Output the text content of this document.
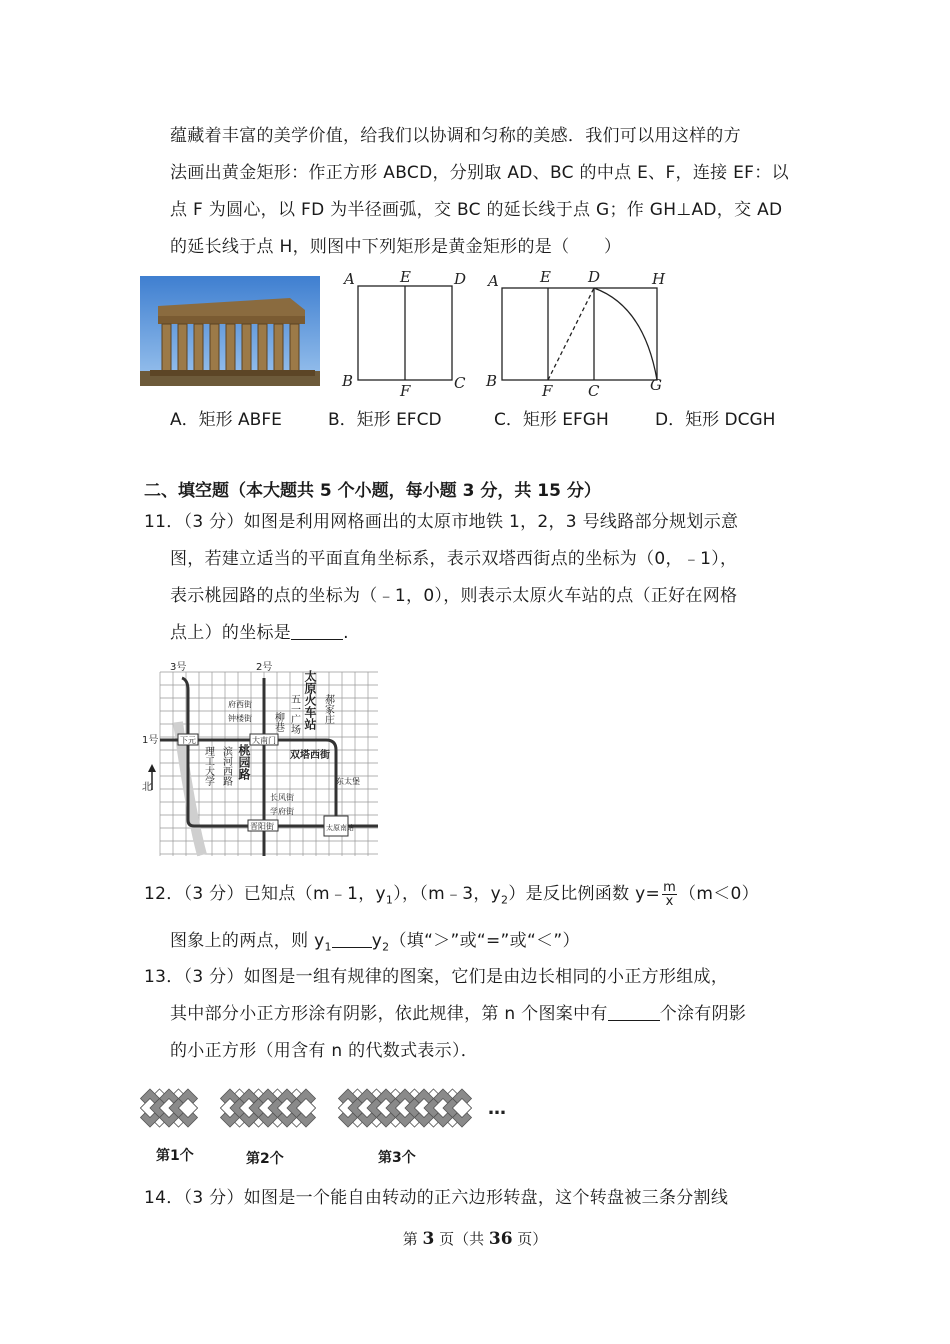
蕴藏着丰富的美学价值，给我们以协调和匀称的美感．我们可以用这样的方
法画出黄金矩形：作正方形 ABCD，分别取 AD、BC 的中点 E、F，连接 EF：以
点 F 为圆心，以 FD 为半径画弧，交 BC 的延长线于点 G；作 GH⊥AD，交 AD
的延长线于点 H，则图中下列矩形是黄金矩形的是（　　）
A	E	D
B
F	C
A	E D	H
B
F C	G
A．矩形 ABFE	B．矩形 EFCD	C．矩形 EFGH	D．矩形 DCGH
二、填空题（本大题共 5 个小题，每小题 3 分，共 15 分）
11．（3 分）如图是利用网格画出的太原市地铁 1，2，3 号线路部分规划示意
图，若建立适当的平面直角坐标系，表示双塔西街点的坐标为（0，﹣1），
表示桃园路的点的坐标为（﹣1，0），则表示太原火车站的点（正好在网格
点上）的坐标是	.
3号	2号
1号
北
下元	大南门
府西街
钟楼街
长风街
学府街
晋阳街
东太堡
太原南站
双塔西街
理工大学 滨河西路
柳巷 五一广场 郝家庄
桃园路
太原火车站
12．（3 分）已知点（m﹣1，$y_1$），（m﹣3，$y_2$）是反比例函数 $y= \frac{m}{x} (m<0)$
图象上的两点，则 $y_1$ $y_2$（填“＞”或“=”或“＜”）
13．（3 分）如图是一组有规律的图案，它们是由边长相同的小正方形组成，
其中部分小正方形涂有阴影，依此规律，第 n 个图案中有	个涂有阴影
的小正方形（用含有 n 的代数式表示）．
…
第1个	第2个	第3个
14．（3 分）如图是一个能自由转动的正六边形转盘，这个转盘被三条分割线
第 3 页（共 36 页）
